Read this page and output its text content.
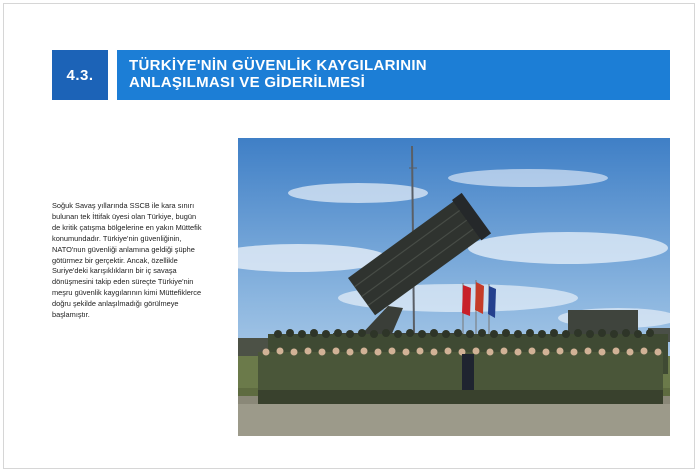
4.3.
TÜRKİYE'NİN GÜVENLİK KAYGILARININ
ANLAŞILMASI VE GİDERİLMESİ
Soğuk Savaş yıllarında SSCB ile kara sınırı bulunan tek İttifak üyesi olan Türkiye, bugün de kritik çatışma bölgelerine en yakın Müttefik konumundadır. Türkiye'nin güvenliğinin, NATO'nun güvenliği anlamına geldiği şüphe götürmez bir gerçektir. Ancak, özellikle Suriye'deki karışıklıkların bir iç savaşa dönüşmesini takip eden süreçte Türkiye'nin meşru güvenlik kaygılarının kimi Müttefiklerce doğru şekilde anlaşılmadığı görülmeye başlamıştır.
